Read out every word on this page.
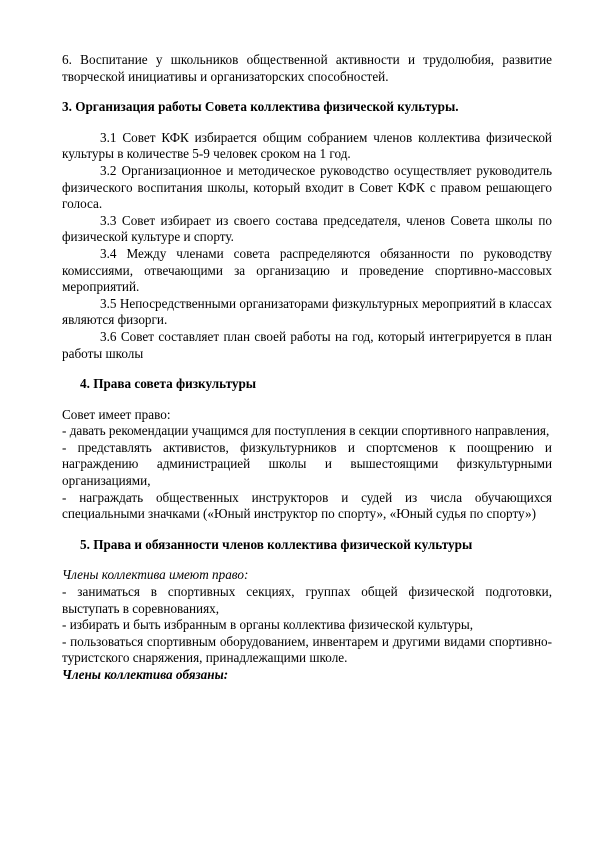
6. Воспитание у школьников общественной активности и трудолюбия, развитие творческой инициативы и организаторских способностей.

3. Организация работы Совета коллектива физической культуры.

3.1 Совет КФК избирается общим собранием членов коллектива физической культуры в количестве 5-9 человек сроком на 1 год.

3.2 Организационное и методическое руководство осуществляет руководитель физического воспитания школы, который входит в Совет КФК с правом решающего голоса.

3.3 Совет избирает из своего состава председателя, членов Совета школы по физической культуре и спорту.

3.4 Между членами совета распределяются обязанности по руководству комиссиями, отвечающими за организацию и проведение спортивно-массовых мероприятий.

3.5 Непосредственными организаторами физкультурных мероприятий в классах являются физорги.

3.6 Совет составляет план своей работы на год, который интегрируется в план работы школы

4. Права совета физкультуры

Совет имеет право:

- давать рекомендации учащимся для поступления в секции спортивного направления,

- представлять активистов, физкультурников и спортсменов к поощрению и награждению администрацией школы и вышестоящими физкультурными организациями,

- награждать общественных инструкторов и судей из числа обучающихся специальными значками («Юный инструктор по спорту», «Юный судья по спорту»)

5. Права и обязанности членов коллектива физической культуры

Члены коллектива имеют право:

- заниматься в спортивных секциях, группах общей физической подготовки, выступать в соревнованиях,

- избирать и быть избранным в органы коллектива физической культуры,

- пользоваться спортивным оборудованием, инвентарем и другими видами спортивно-туристского снаряжения, принадлежащими школе.

Члены коллектива обязаны:
